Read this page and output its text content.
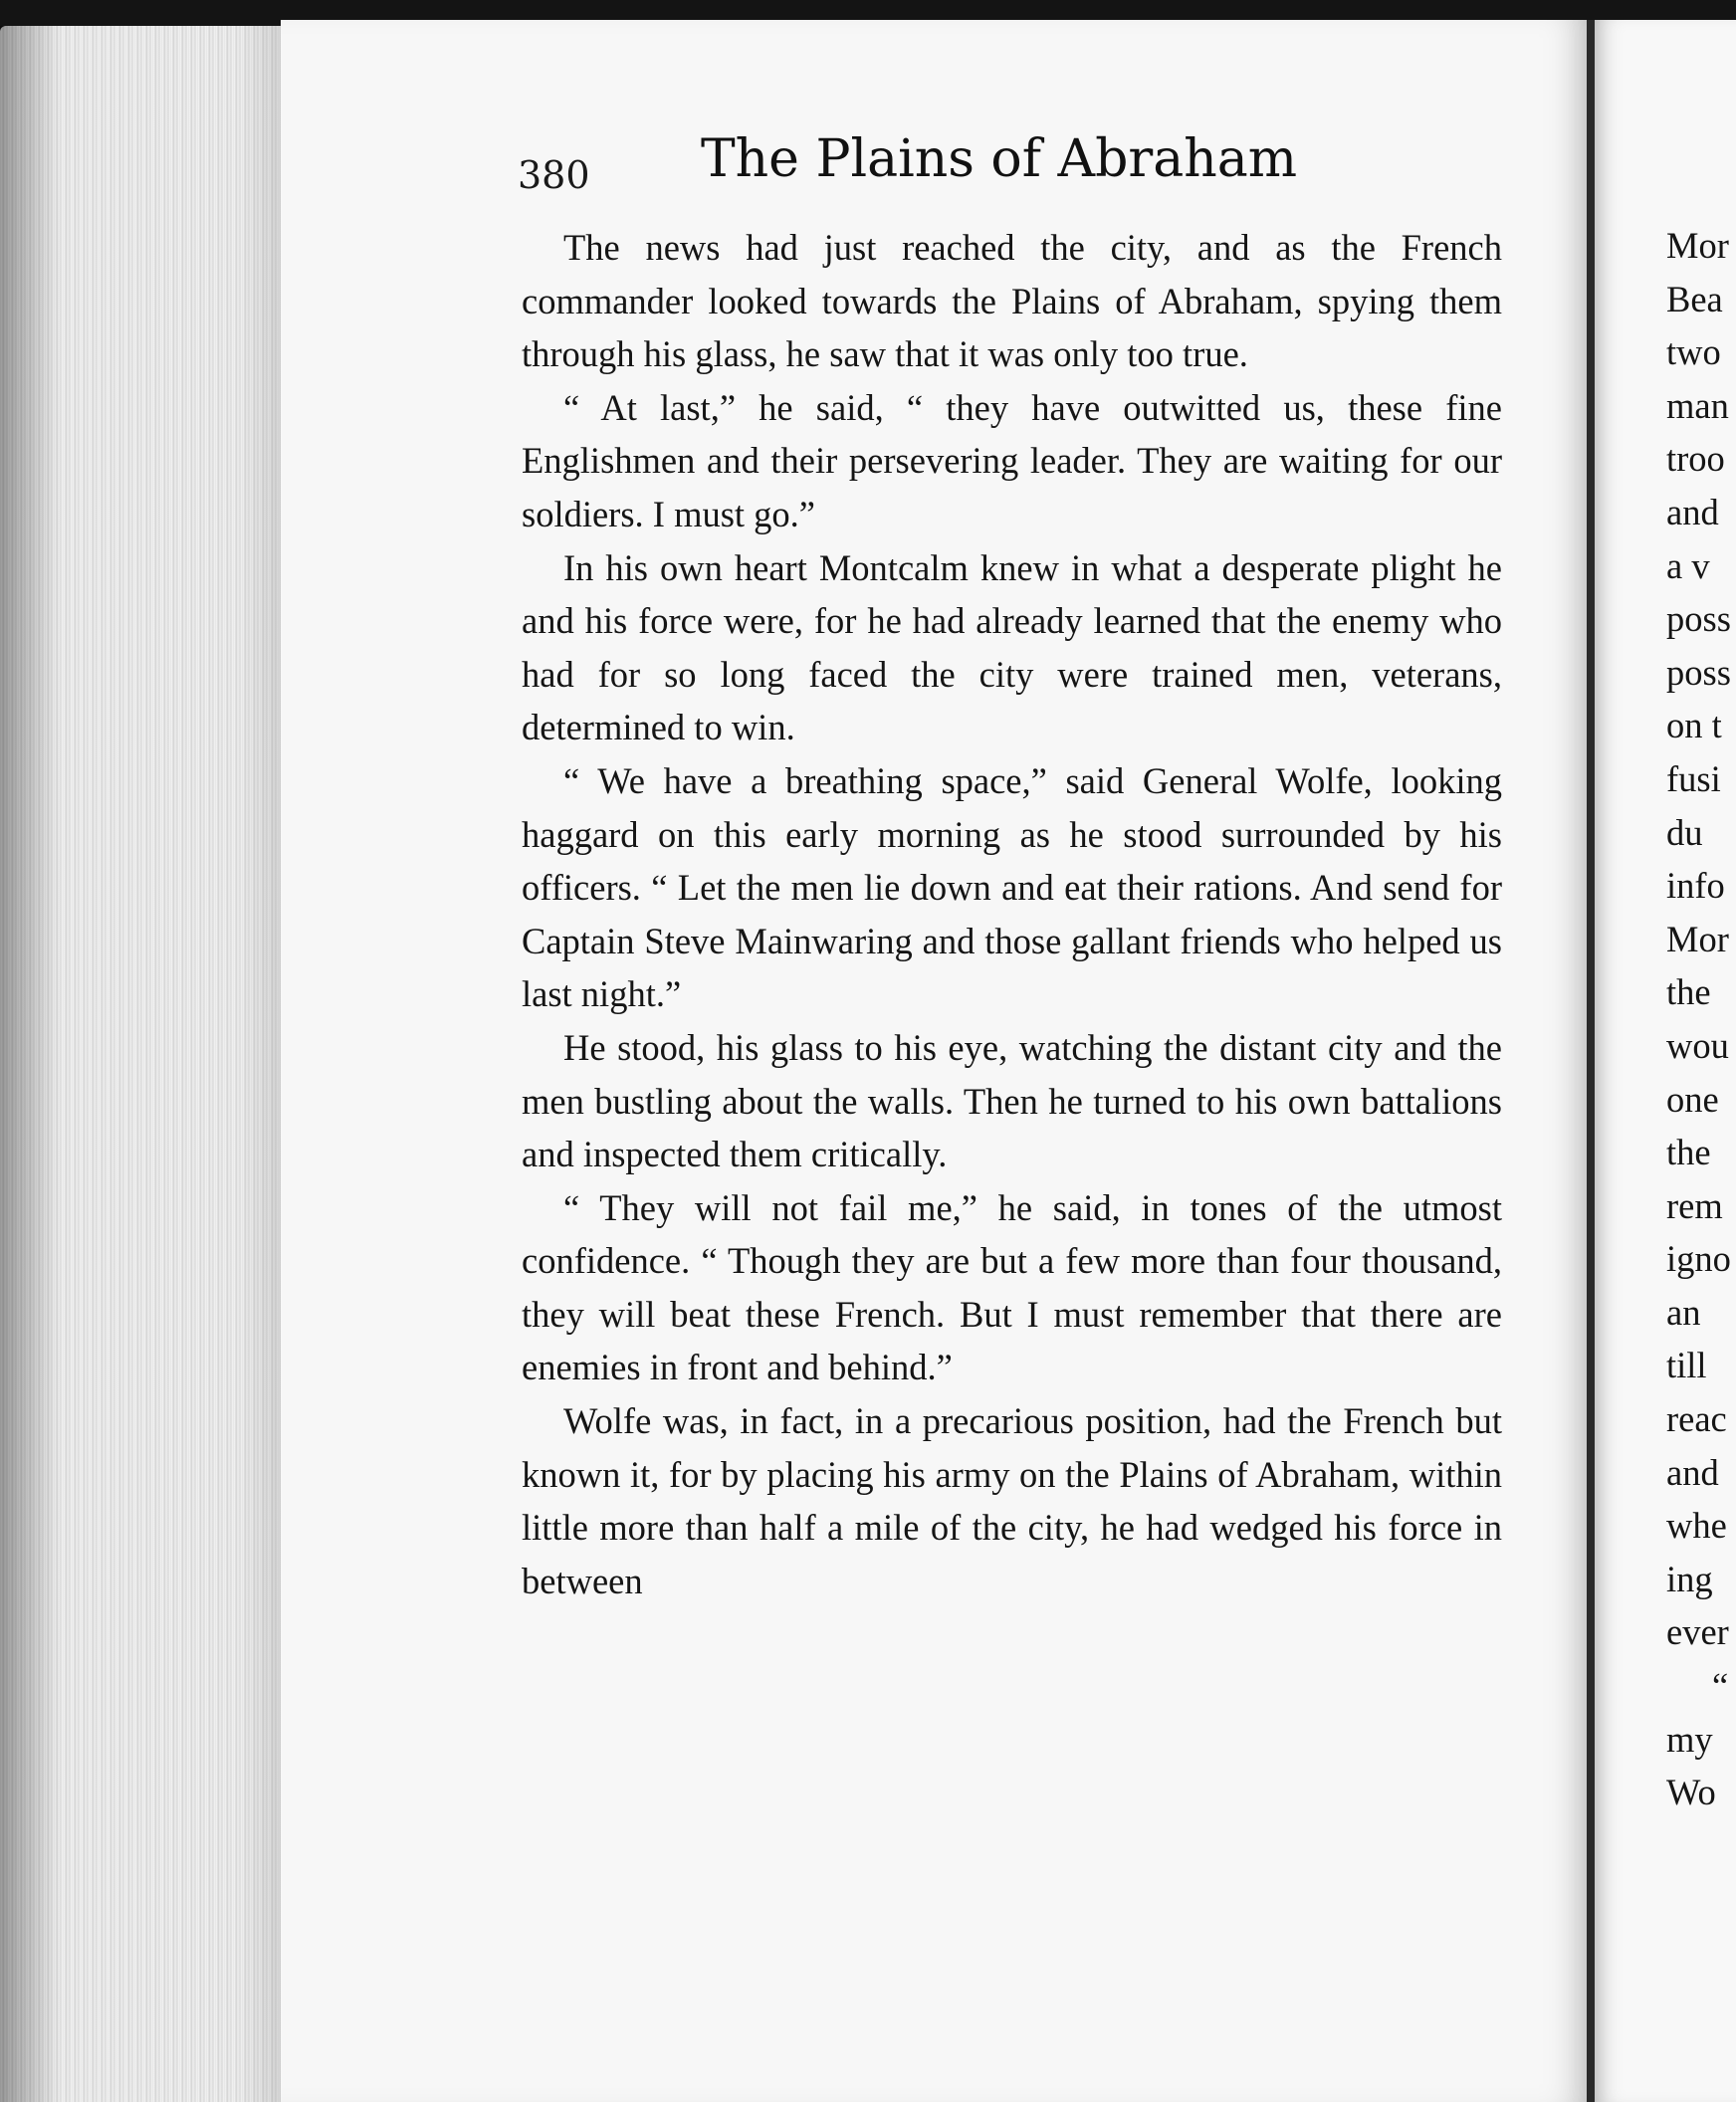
380 The Plains of Abraham

The news had just reached the city, and as the French commander looked towards the Plains of Abraham, spying them through his glass, he saw that it was only too true.

“ At last,” he said, “ they have outwitted us, these fine Englishmen and their persevering leader. They are waiting for our soldiers. I must go.”

In his own heart Montcalm knew in what a desperate plight he and his force were, for he had already learned that the enemy who had for so long faced the city were trained men, veterans, determined to win.

“ We have a breathing space,” said General Wolfe, looking haggard on this early morning as he stood surrounded by his officers. “ Let the men lie down and eat their rations. And send for Captain Steve Mainwaring and those gallant friends who helped us last night.”

He stood, his glass to his eye, watching the distant city and the men bustling about the walls. Then he turned to his own battalions and inspected them critically.

“ They will not fail me,” he said, in tones of the utmost confidence. “ Though they are but a few more than four thousand, they will beat these French. But I must remember that there are enemies in front and behind.”

Wolfe was, in fact, in a precarious position, had the French but known it, for by placing his army on the Plains of Abraham, within little more than half a mile of the city, he had wedged his force in between

Mor
Bea
two
man
troo
and
a v
poss
poss
on t
fusi
du
info
Mor
the
wou
one
the
rem
igno
an
till
reac
and
whe
ing
ever
“
my
Wo
